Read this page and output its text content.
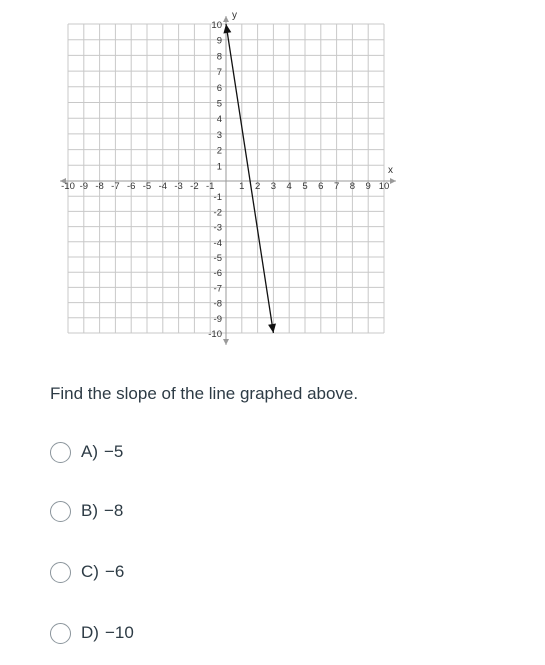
x
y
-10 -9 -8 -7 -6 -5 -4 -3 -2 -1	1 2 3 4 5 6 7 8 9 10
10
9
8
7
6
5
4
3
2
1
-1
-2
-3
-4
-5
-6
-7
-8
-9
-10
Find the slope of the line graphed above.
A) −5
B) −8
C) −6
D) −10
